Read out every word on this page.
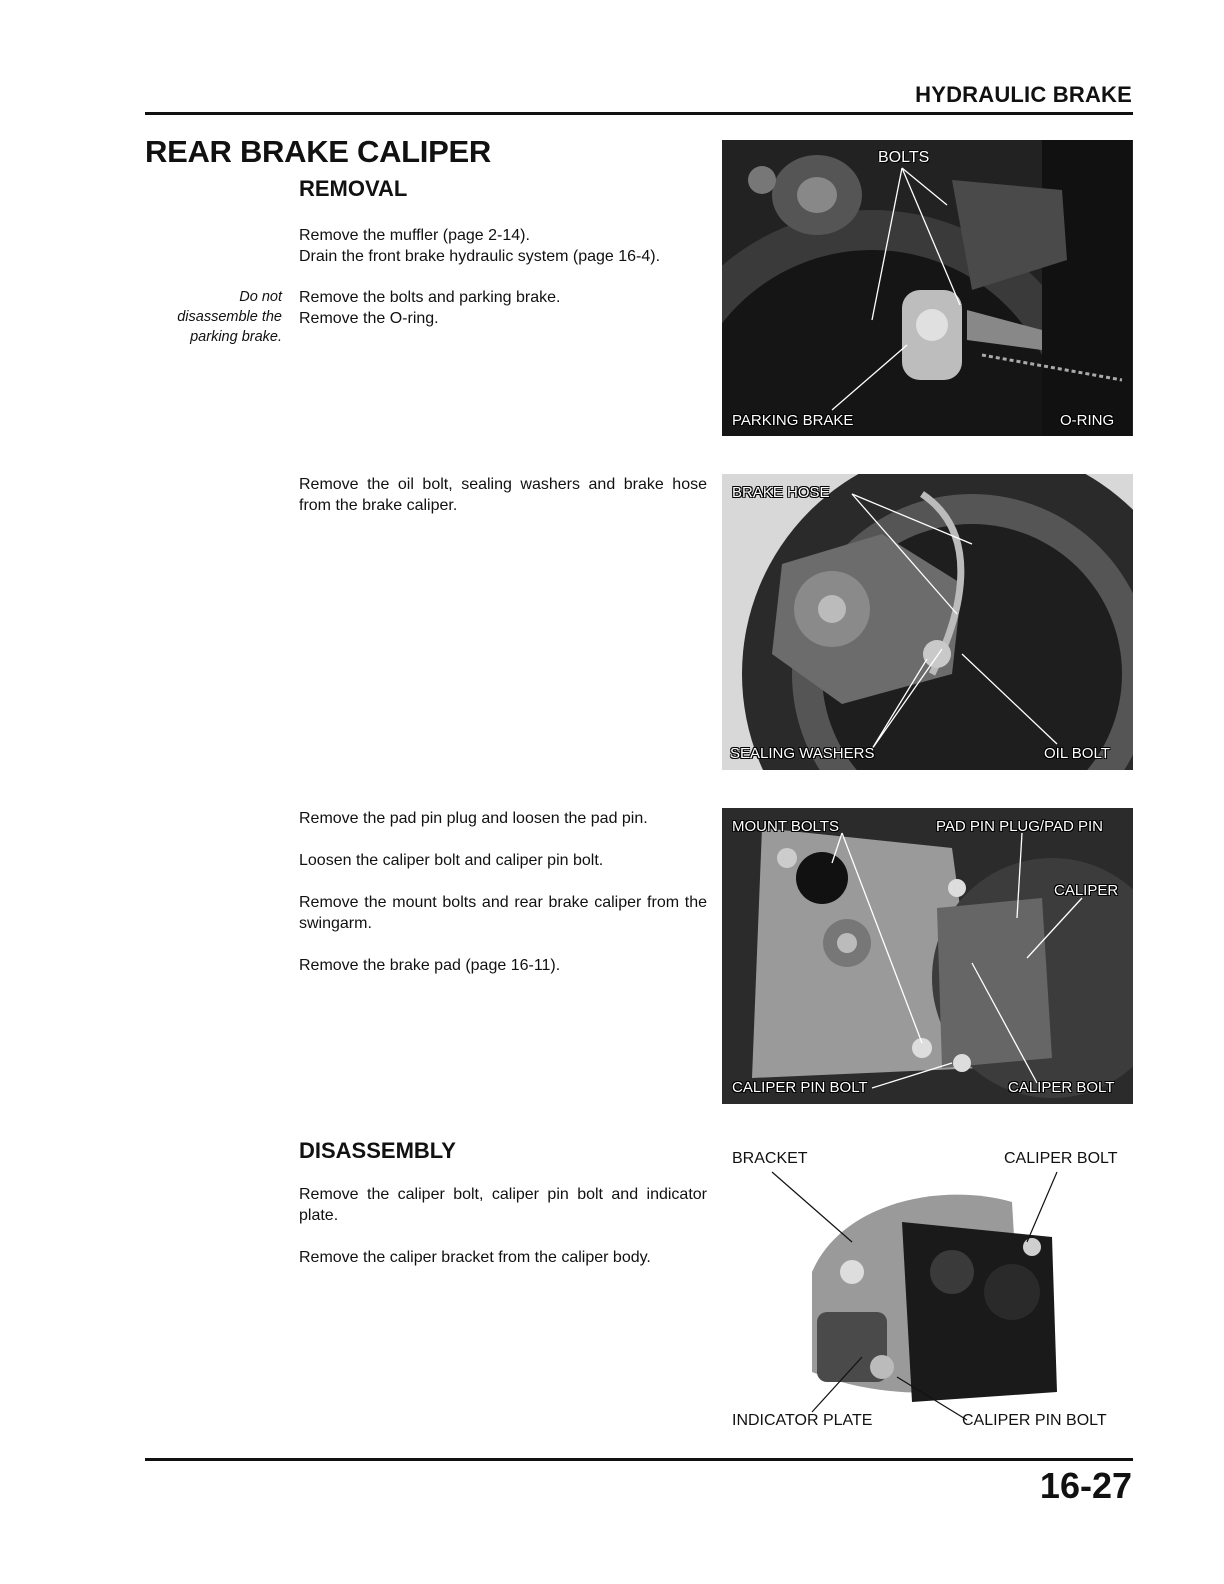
HYDRAULIC BRAKE
REAR BRAKE CALIPER
REMOVAL

Remove the muffler (page 2-14).

Drain the front brake hydraulic system (page 16-4).

Do not
disassemble the
parking brake.

Remove the bolts and parking brake.

Remove the O-ring.

Remove the oil bolt, sealing washers and brake hose from the brake caliper.

Remove the pad pin plug and loosen the pad pin.

Loosen the caliper bolt and caliper pin bolt.

Remove the mount bolts and rear brake caliper from the swingarm.

Remove the brake pad (page 16-11).

DISASSEMBLY

Remove the caliper bolt, caliper pin bolt and indicator plate.

Remove the caliper bracket from the caliper body.

BOLTS
PARKING BRAKE	O-RING
BRAKE HOSE
SEALING WASHERS	OIL BOLT
MOUNT BOLTS	PAD PIN PLUG/PAD PIN
CALIPER
CALIPER PIN BOLT	CALIPER BOLT
BRACKET	CALIPER BOLT
INDICATOR PLATE	CALIPER PIN BOLT
16-27
